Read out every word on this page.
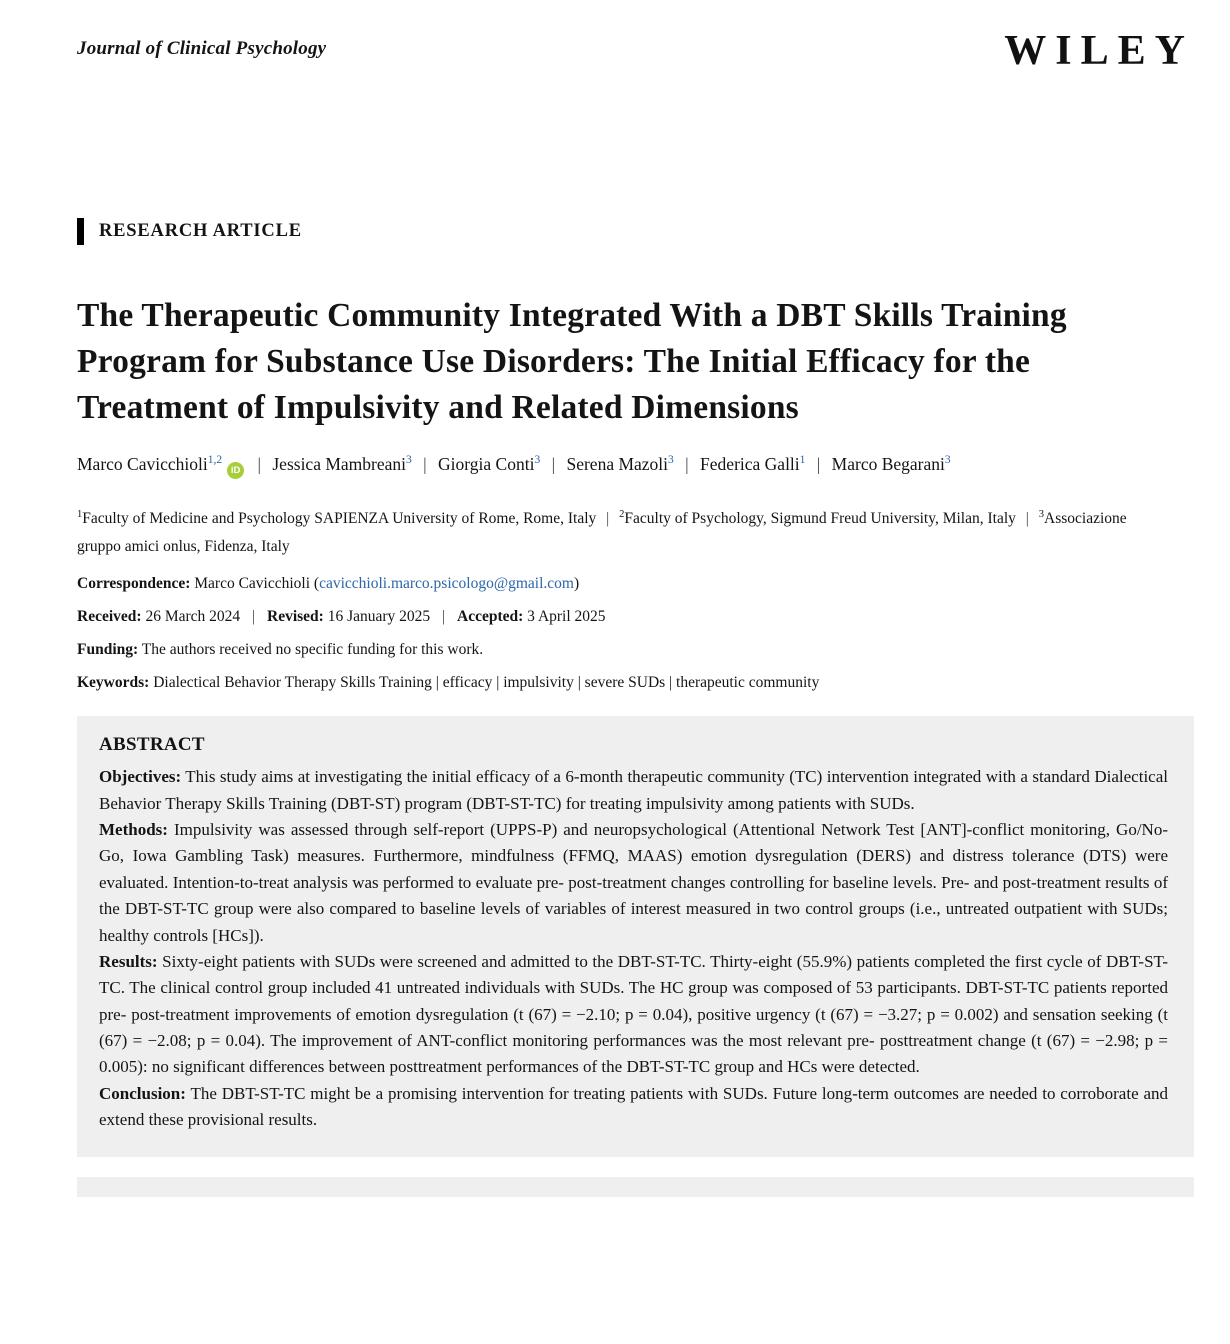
Journal of Clinical Psychology	WILEY
RESEARCH ARTICLE
The Therapeutic Community Integrated With a DBT Skills Training Program for Substance Use Disorders: The Initial Efficacy for the Treatment of Impulsivity and Related Dimensions
Marco Cavicchioli$^{1,2}$iD | Jessica Mambreani$^3$ | Giorgia Conti$^3$ | Serena Mazoli$^3$ | Federica Galli$^1$ | Marco Begarani$^3$
$^1$Faculty of Medicine and Psychology SAPIENZA University of Rome, Rome, Italy | $^2$Faculty of Psychology, Sigmund Freud University, Milan, Italy | $^3$Associazione gruppo amici onlus, Fidenza, Italy
Correspondence: Marco Cavicchioli (cavicchioli.marco.psicologo@gmail.com)
Received: 26 March 2024 | Revised: 16 January 2025 | Accepted: 3 April 2025
Funding: The authors received no specific funding for this work.
Keywords: Dialectical Behavior Therapy Skills Training | efficacy | impulsivity | severe SUDs | therapeutic community
ABSTRACT

Objectives: This study aims at investigating the initial efficacy of a 6-month therapeutic community (TC) intervention integrated with a standard Dialectical Behavior Therapy Skills Training (DBT-ST) program (DBT-ST-TC) for treating impulsivity among patients with SUDs.

Methods: Impulsivity was assessed through self-report (UPPS-P) and neuropsychological (Attentional Network Test [ANT]-conflict monitoring, Go/No-Go, Iowa Gambling Task) measures. Furthermore, mindfulness (FFMQ, MAAS) emotion dysregulation (DERS) and distress tolerance (DTS) were evaluated. Intention-to-treat analysis was performed to evaluate pre- post-treatment changes controlling for baseline levels. Pre- and post-treatment results of the DBT-ST-TC group were also compared to baseline levels of variables of interest measured in two control groups (i.e., untreated outpatient with SUDs; healthy controls [HCs]).

Results: Sixty-eight patients with SUDs were screened and admitted to the DBT-ST-TC. Thirty-eight (55.9%) patients completed the first cycle of DBT-ST-TC. The clinical control group included 41 untreated individuals with SUDs. The HC group was composed of 53 participants. DBT-ST-TC patients reported pre- post-treatment improvements of emotion dysregulation (t (67) = −2.10; p = 0.04), positive urgency (t (67) = −3.27; p = 0.002) and sensation seeking (t (67) = −2.08; p = 0.04). The improvement of ANT-conflict monitoring performances was the most relevant pre- posttreatment change (t (67) = −2.98; p = 0.005): no significant differences between posttreatment performances of the DBT-ST-TC group and HCs were detected.

Conclusion: The DBT-ST-TC might be a promising intervention for treating patients with SUDs. Future long-term outcomes are needed to corroborate and extend these provisional results.
